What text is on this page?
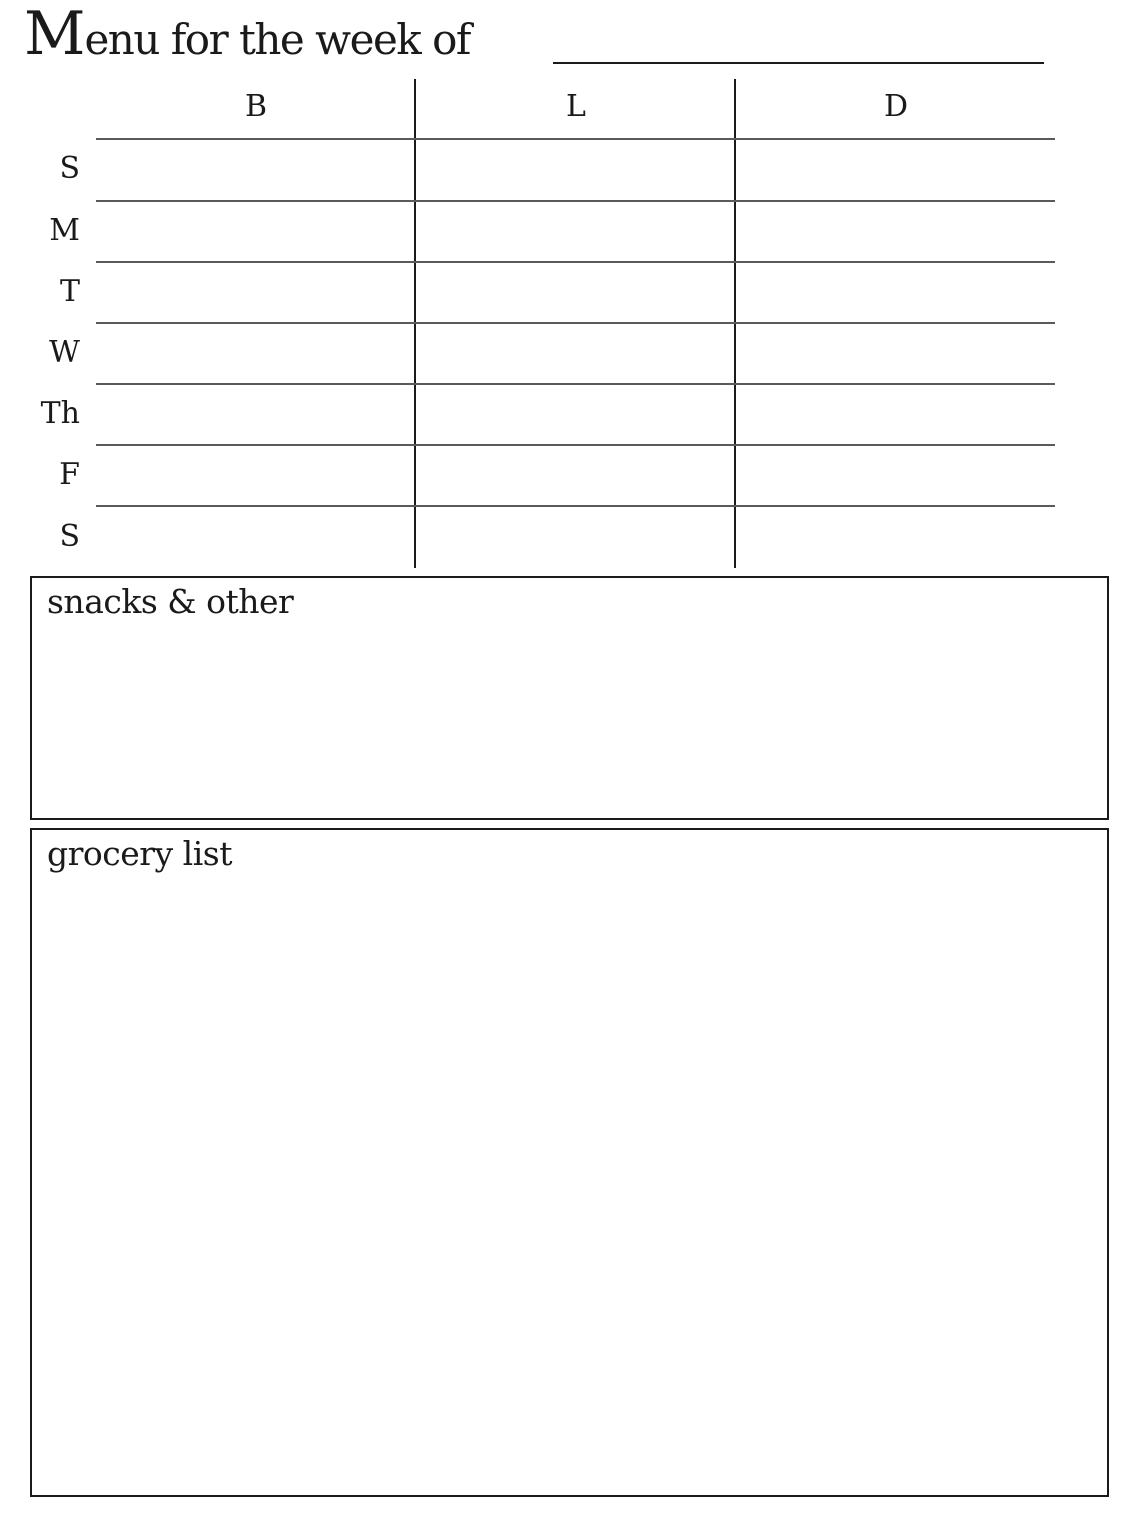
Menu for the week of
B	L	D
S
M
T
W
Th
F
S
snacks & other
grocery list
